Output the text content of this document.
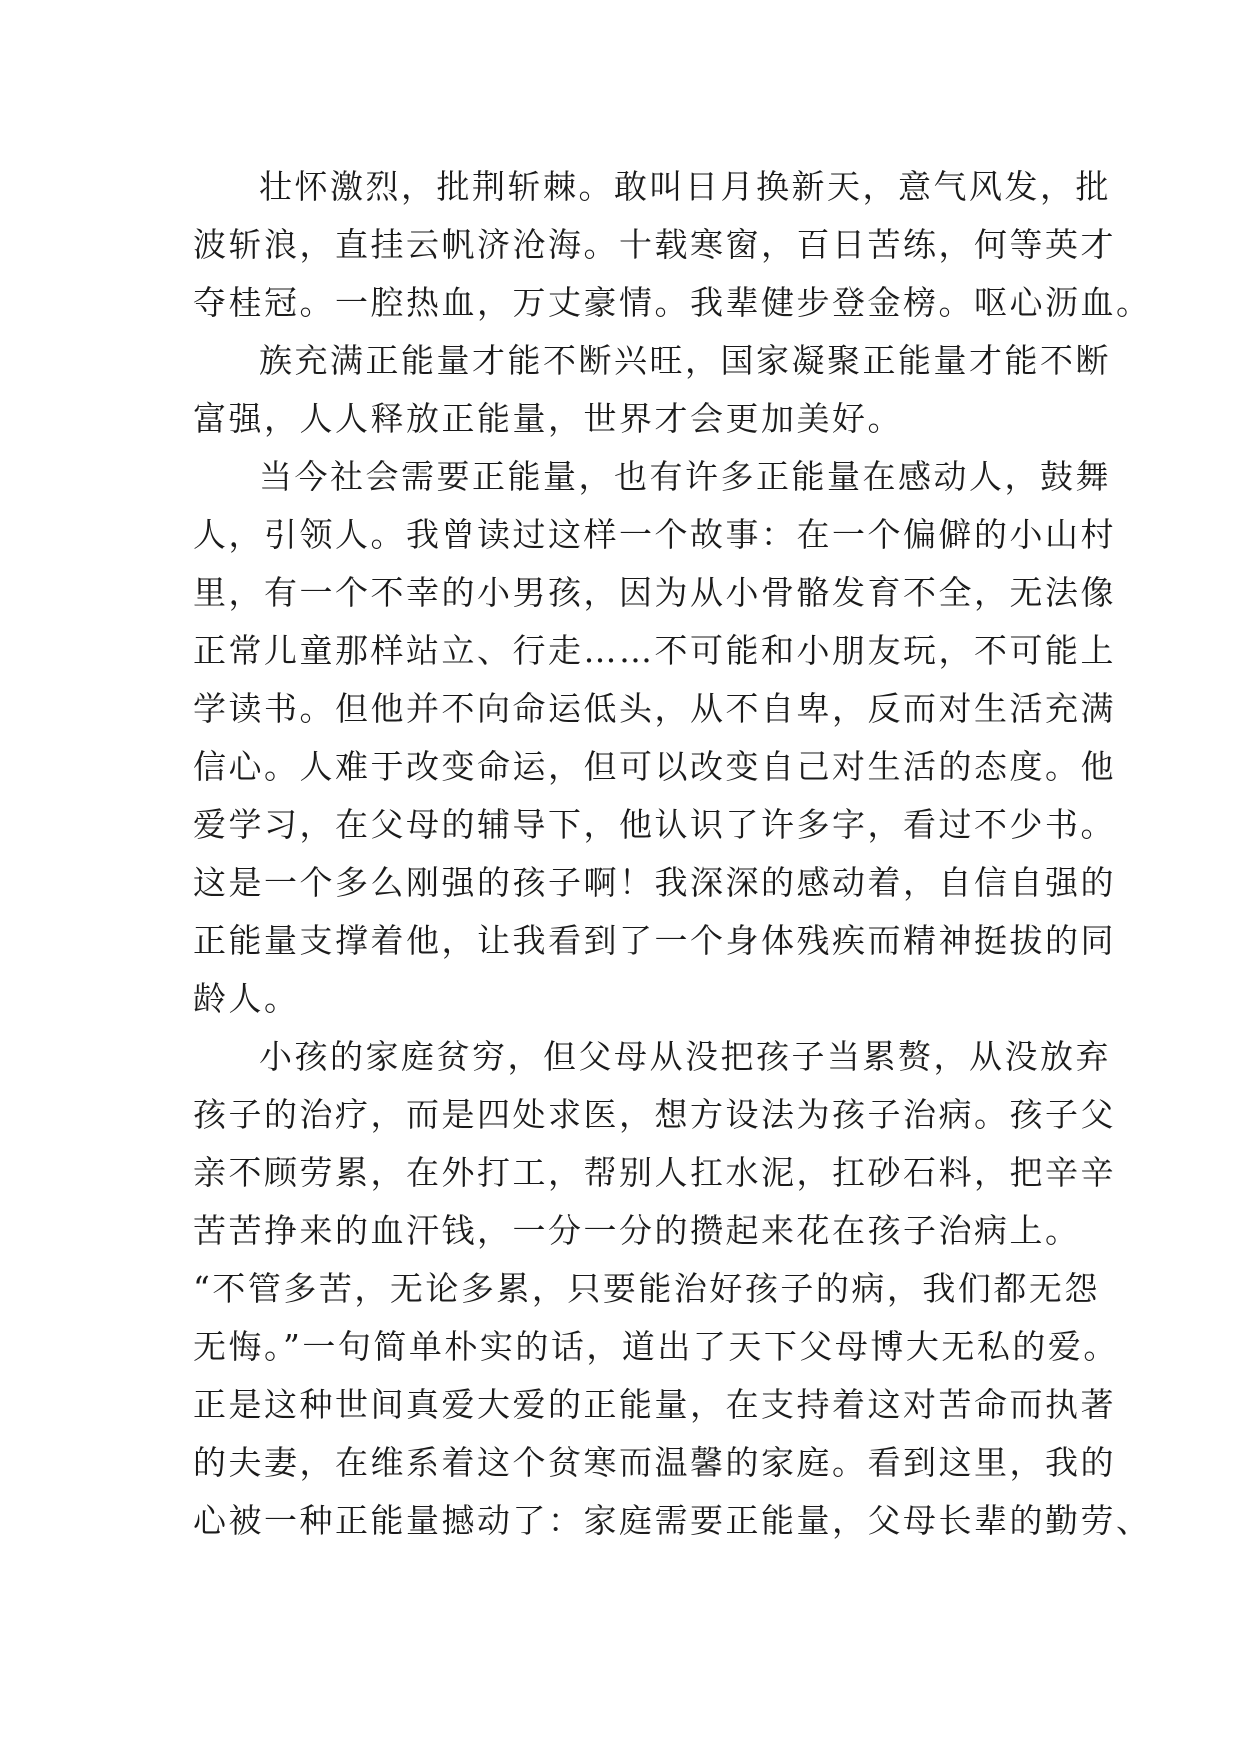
壮怀激烈，批荆斩棘。敢叫日月换新天，意气风发，批
波斩浪，直挂云帆济沧海。十载寒窗，百日苦练，何等英才
夺桂冠。一腔热血，万丈豪情。我辈健步登金榜。呕心沥血。
族充满正能量才能不断兴旺，国家凝聚正能量才能不断
富强，人人释放正能量，世界才会更加美好。
当今社会需要正能量，也有许多正能量在感动人，鼓舞
人，引领人。我曾读过这样一个故事：在一个偏僻的小山村
里，有一个不幸的小男孩，因为从小骨骼发育不全，无法像
正常儿童那样站立、行走……不可能和小朋友玩，不可能上
学读书。但他并不向命运低头，从不自卑，反而对生活充满
信心。人难于改变命运，但可以改变自己对生活的态度。他
爱学习，在父母的辅导下，他认识了许多字，看过不少书。
这是一个多么刚强的孩子啊！我深深的感动着，自信自强的
正能量支撑着他，让我看到了一个身体残疾而精神挺拔的同
龄人。
小孩的家庭贫穷，但父母从没把孩子当累赘，从没放弃
孩子的治疗，而是四处求医，想方设法为孩子治病。孩子父
亲不顾劳累，在外打工，帮别人扛水泥，扛砂石料，把辛辛
苦苦挣来的血汗钱，一分一分的攒起来花在孩子治病上。
“不管多苦，无论多累，只要能治好孩子的病，我们都无怨
无悔。”一句简单朴实的话，道出了天下父母博大无私的爱。
正是这种世间真爱大爱的正能量，在支持着这对苦命而执著
的夫妻，在维系着这个贫寒而温馨的家庭。看到这里，我的
心被一种正能量撼动了：家庭需要正能量，父母长辈的勤劳、
